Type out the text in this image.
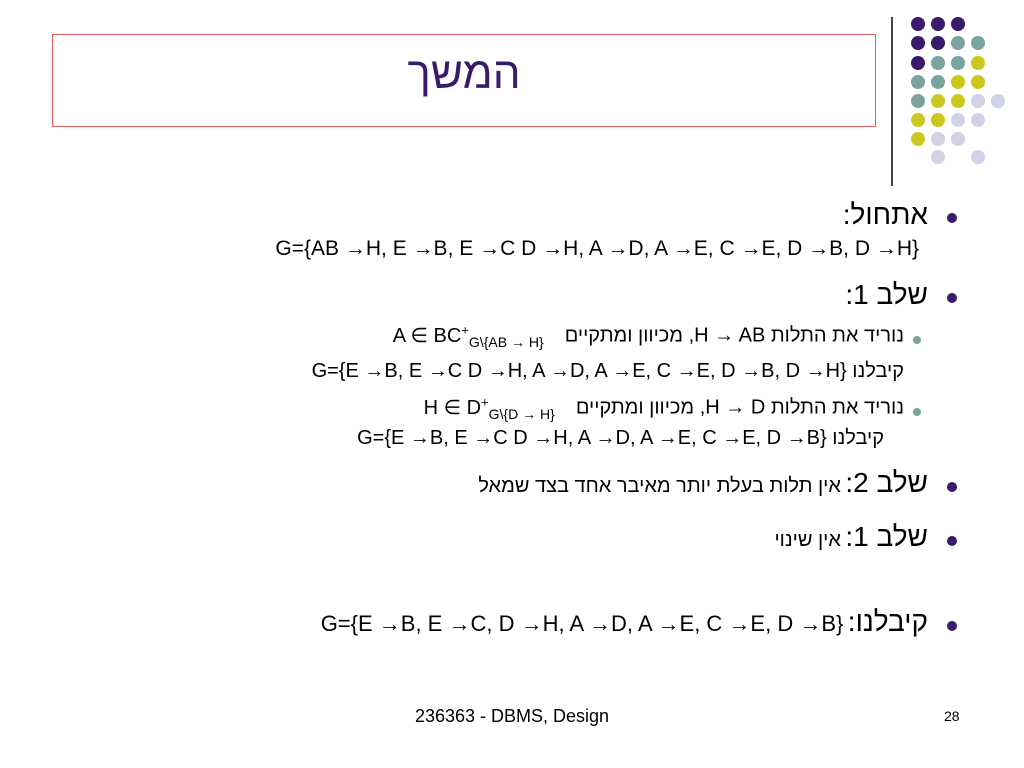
המשך
אתחול:
G={AB →H, E →B, E →C D →H, A →D, A →E, C →E, D →B, D →H}
שלב 1:
נוריד את התלות H → AB, מכיוון ומתקיים  A ∈ $BC^+_{G\backslash\{AB \to H\}}$
קיבלנו G={E →B, E →C D →H, A →D, A →E, C →E, D →B, D →H}
נוריד את התלות H → D, מכיוון ומתקיים  H ∈ $D^+_{G\backslash\{D \to H\}}$
קיבלנו G={E →B, E →C D →H, A →D, A →E, C →E, D →B}
שלב 2: אין תלות בעלת יותר מאיבר אחד בצד שמאל
שלב 1: אין שינוי
קיבלנו: G={E →B, E →C, D →H, A →D, A →E, C →E, D →B}
236363 - DBMS, Design	28
